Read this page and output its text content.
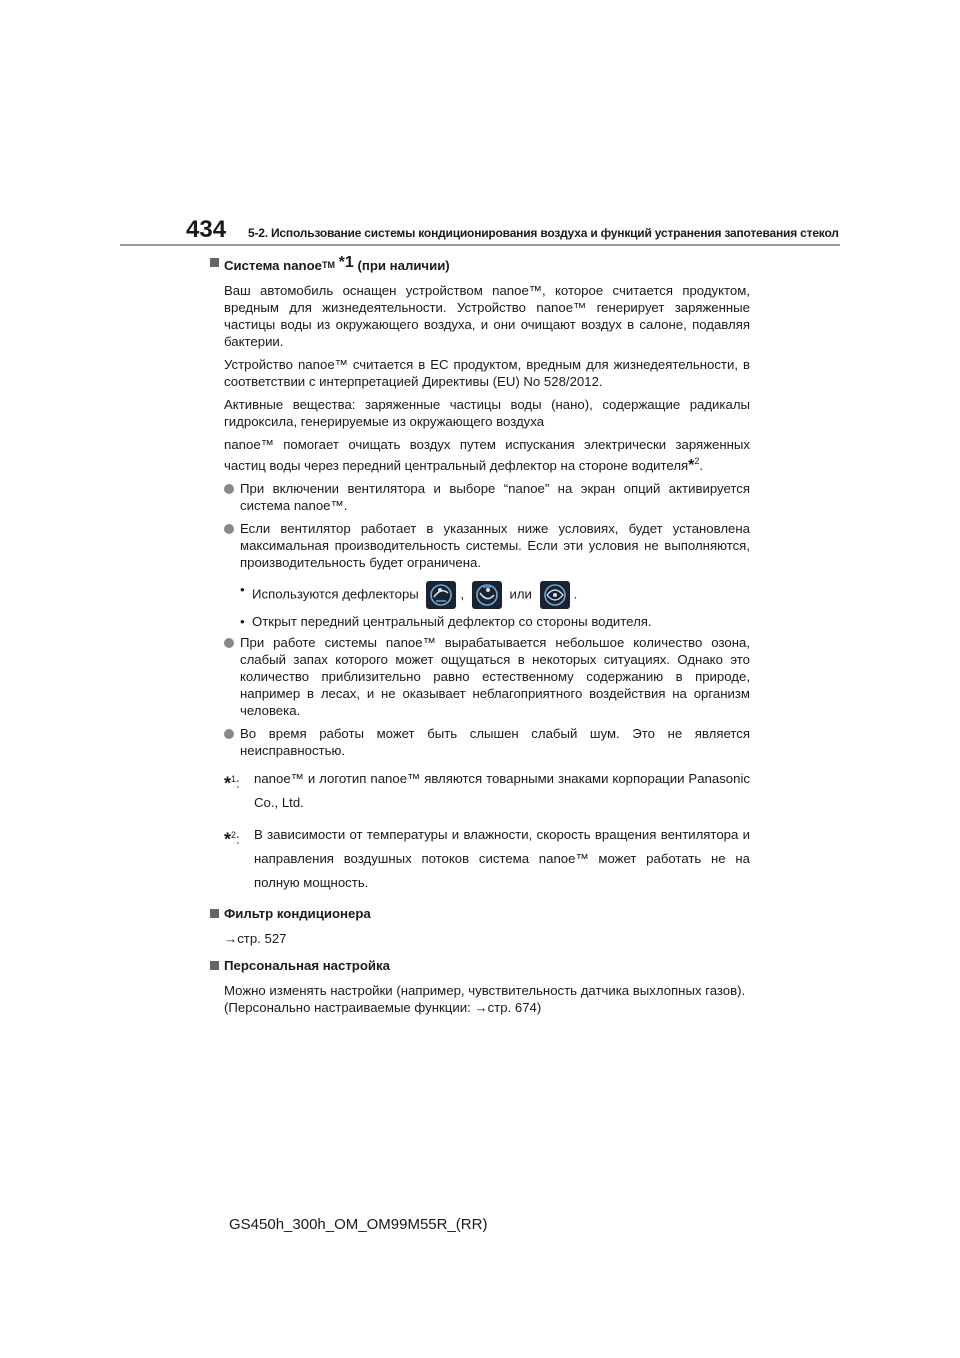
434 5-2. Использование системы кондиционирования воздуха и функций устранения запотевания стекол
Система nanoeTM *1 (при наличии)

Ваш автомобиль оснащен устройством nanoe™, которое считается продуктом, вредным для жизнедеятельности. Устройство nanoe™ генерирует заряженные частицы воды из окружающего воздуха, и они очищают воздух в салоне, подавляя бактерии.

Устройство nanoe™ считается в ЕС продуктом, вредным для жизнедеятельности, в соответствии с интерпретацией Директивы (EU) No 528/2012.

Активные вещества: заряженные частицы воды (нано), содержащие радикалы гидроксила, генерируемые из окружающего воздуха

nanoe™ помогает очищать воздух путем испускания электрически заряженных частиц воды через передний центральный дефлектор на стороне водителя*$^2$.

При включении вентилятора и выборе “nanoe” на экран опций активируется система nanoe™.
Если вентилятор работает в указанных ниже условиях, будет установлена максимальная производительность системы. Если эти условия не выполняются, производительность будет ограничена.
• Используются дефлекторы	,	или	.
• Открыт передний центральный дефлектор со стороны водителя.
При работе системы nanoe™ вырабатывается небольшое количество озона, слабый запах которого может ощущаться в некоторых ситуациях. Однако это количество приблизительно равно естественному содержанию в природе, например в лесах, и не оказывает неблагоприятного воздействия на организм человека.
Во время работы может быть слышен слабый шум. Это не является неисправностью.
*$^1$: nanoe™ и логотип nanoe™ являются товарными знаками корпорации Panasonic Co., Ltd.
*$^2$: В зависимости от температуры и влажности, скорость вращения вентилятора и направления воздушных потоков система nanoe™ может работать не на полную мощность.
Фильтр кондиционера

→стр. 527

Персональная настройка

Можно изменять настройки (например, чувствительность датчика выхлопных газов).

(Персонально настраиваемые функции: →стр. 674)

GS450h_300h_OM_OM99M55R_(RR)
